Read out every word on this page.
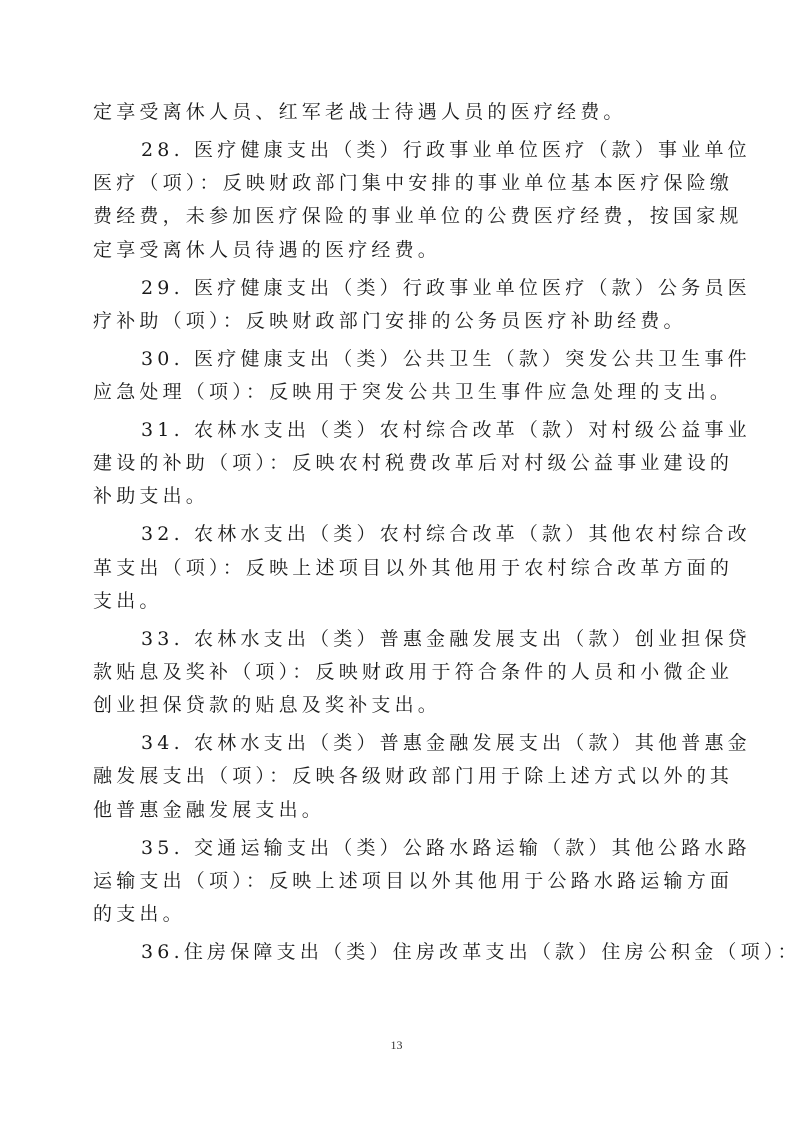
定享受离休人员、红军老战士待遇人员的医疗经费。
28. 医疗健康支出（类）行政事业单位医疗（款）事业单位
医疗（项）：反映财政部门集中安排的事业单位基本医疗保险缴
费经费，未参加医疗保险的事业单位的公费医疗经费，按国家规
定享受离休人员待遇的医疗经费。
29. 医疗健康支出（类）行政事业单位医疗（款）公务员医
疗补助（项）：反映财政部门安排的公务员医疗补助经费。
30. 医疗健康支出（类）公共卫生（款）突发公共卫生事件
应急处理（项）：反映用于突发公共卫生事件应急处理的支出。
31. 农林水支出（类）农村综合改革（款）对村级公益事业
建设的补助（项）：反映农村税费改革后对村级公益事业建设的
补助支出。
32. 农林水支出（类）农村综合改革（款）其他农村综合改
革支出（项）：反映上述项目以外其他用于农村综合改革方面的
支出。
33. 农林水支出（类）普惠金融发展支出（款）创业担保贷
款贴息及奖补（项）：反映财政用于符合条件的人员和小微企业
创业担保贷款的贴息及奖补支出。
34. 农林水支出（类）普惠金融发展支出（款）其他普惠金
融发展支出（项）：反映各级财政部门用于除上述方式以外的其
他普惠金融发展支出。
35. 交通运输支出（类）公路水路运输（款）其他公路水路
运输支出（项）：反映上述项目以外其他用于公路水路运输方面
的支出。
36.住房保障支出（类）住房改革支出（款）住房公积金（项）：
13
